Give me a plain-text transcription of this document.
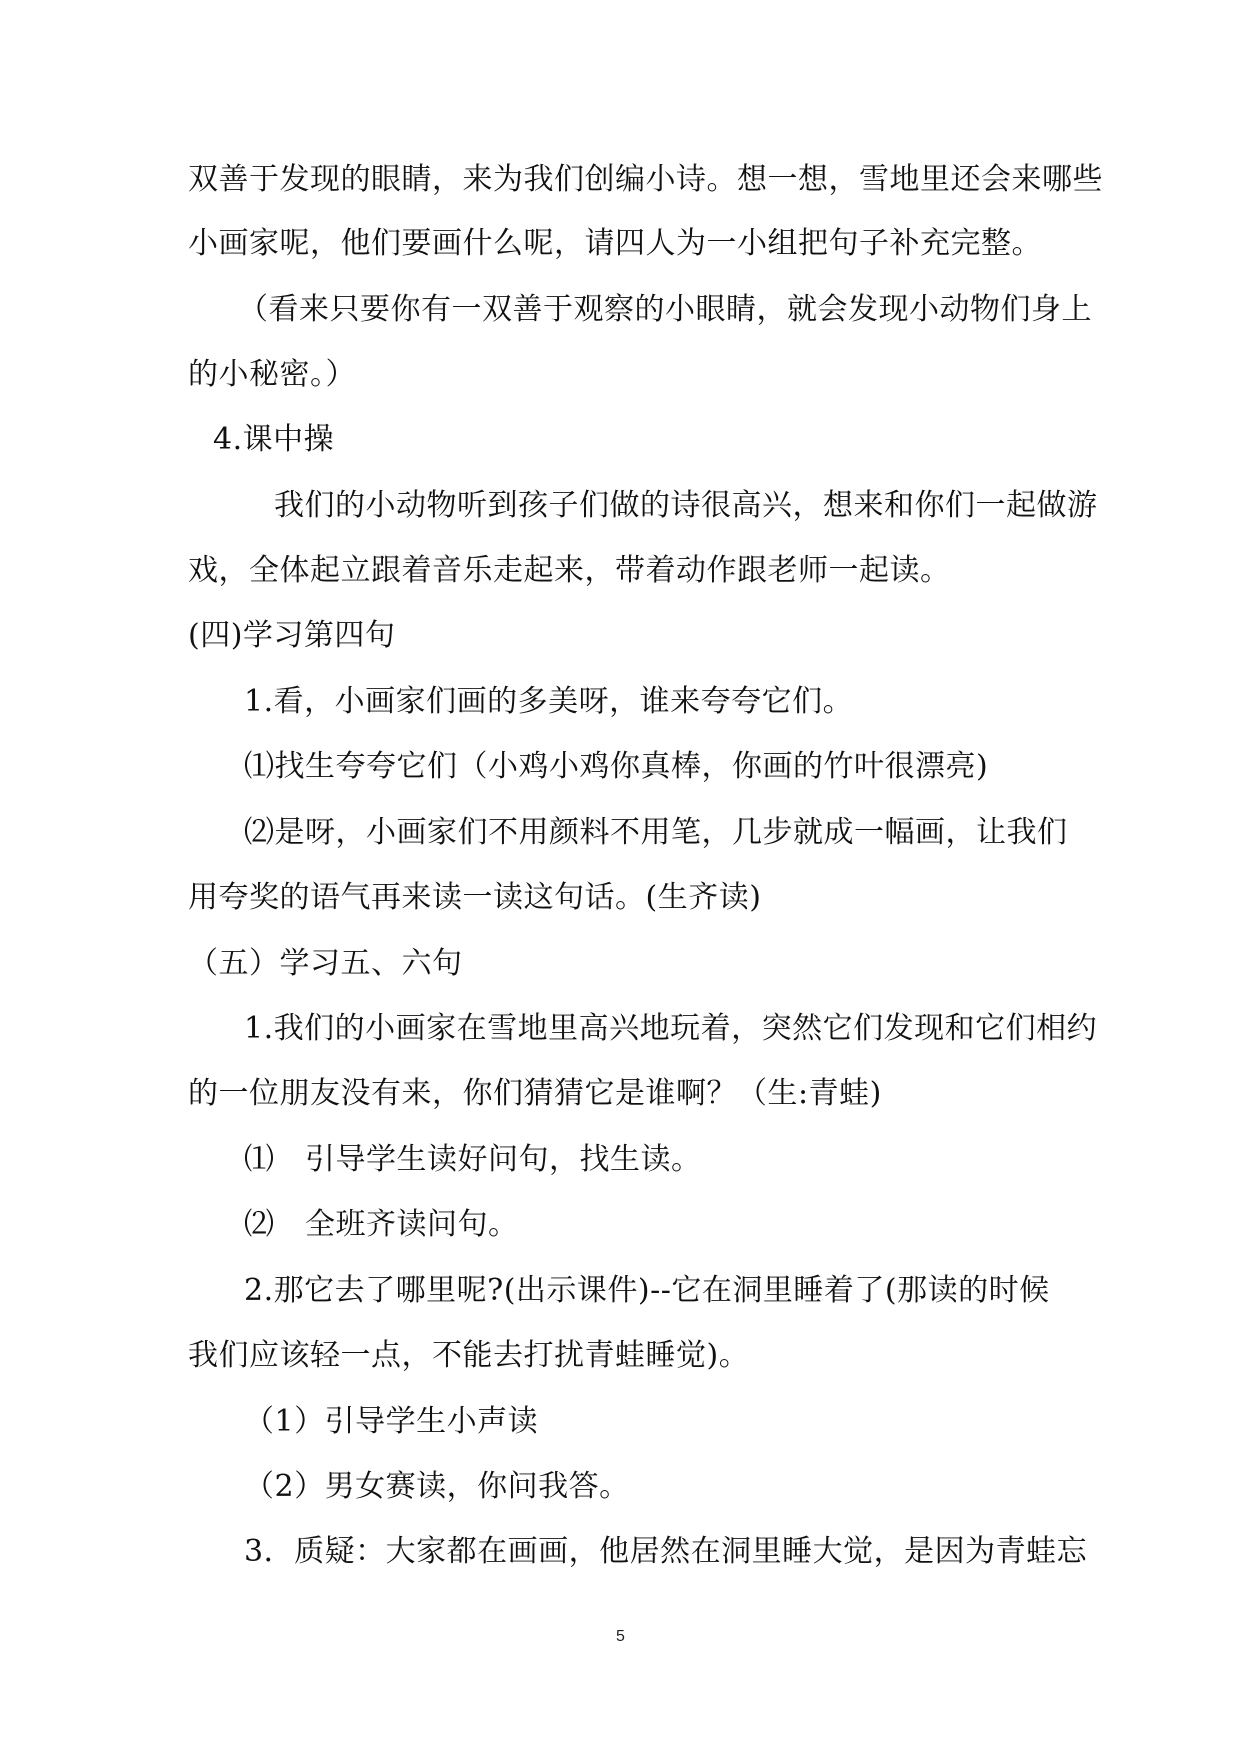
双善于发现的眼睛，来为我们创编小诗。想一想，雪地里还会来哪些
小画家呢，他们要画什么呢，请四人为一小组把句子补充完整。
（看来只要你有一双善于观察的小眼睛，就会发现小动物们身上
的小秘密。）
4.课中操
我们的小动物听到孩子们做的诗很高兴，想来和你们一起做游
戏，全体起立跟着音乐走起来，带着动作跟老师一起读。
(四)学习第四句
1.看，小画家们画的多美呀，谁来夸夸它们。
⑴找生夸夸它们（小鸡小鸡你真棒，你画的竹叶很漂亮)
⑵是呀，小画家们不用颜料不用笔，几步就成一幅画，让我们
用夸奖的语气再来读一读这句话。(生齐读)
（五）学习五、六句
1.我们的小画家在雪地里高兴地玩着，突然它们发现和它们相约
的一位朋友没有来，你们猜猜它是谁啊？（生:青蛙)
⑴　引导学生读好问句，找生读。
⑵　全班齐读问句。
2.那它去了哪里呢?(出示课件)--它在洞里睡着了(那读的时候
我们应该轻一点，不能去打扰青蛙睡觉)。
（1）引导学生小声读
（2）男女赛读，你问我答。
3．质疑：大家都在画画，他居然在洞里睡大觉，是因为青蛙忘
5
